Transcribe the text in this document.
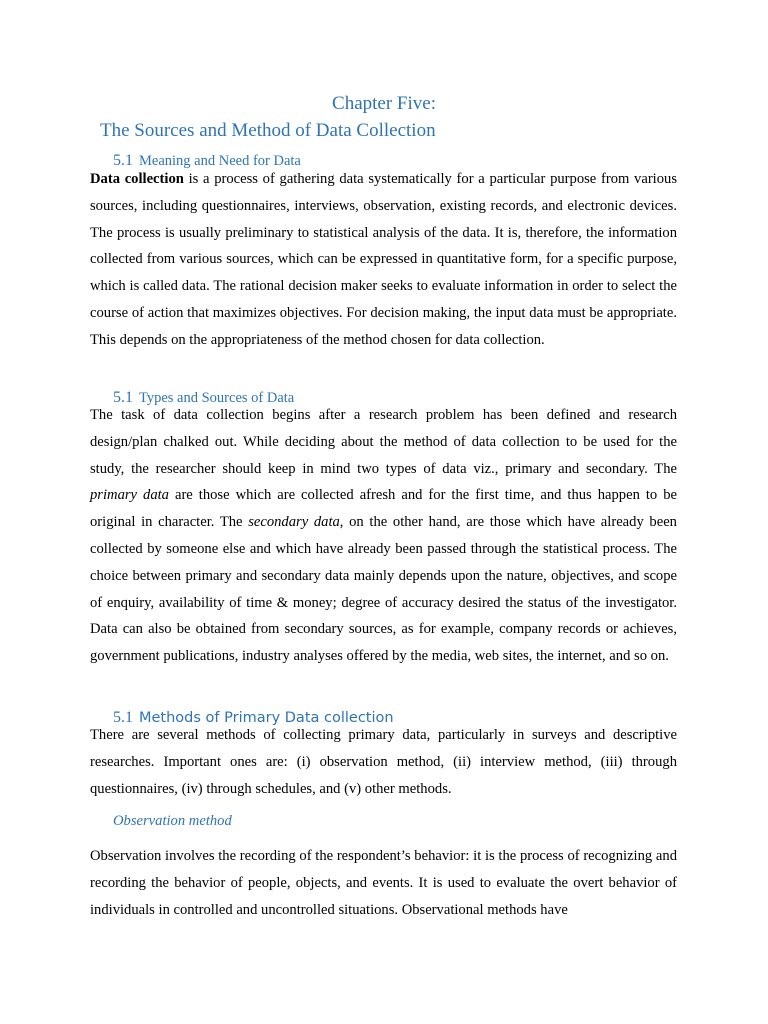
Chapter Five:
The Sources and Method of Data Collection
5.1 Meaning and Need for Data

Data collection is a process of gathering data systematically for a particular purpose from various sources, including questionnaires, interviews, observation, existing records, and electronic devices. The process is usually preliminary to statistical analysis of the data. It is, therefore, the information collected from various sources, which can be expressed in quantitative form, for a specific purpose, which is called data. The rational decision maker seeks to evaluate information in order to select the course of action that maximizes objectives. For decision making, the input data must be appropriate. This depends on the appropriateness of the method chosen for data collection.

5.1 Types and Sources of Data

The task of data collection begins after a research problem has been defined and research design/plan chalked out. While deciding about the method of data collection to be used for the study, the researcher should keep in mind two types of data viz., primary and secondary. The primary data are those which are collected afresh and for the first time, and thus happen to be original in character. The secondary data, on the other hand, are those which have already been collected by someone else and which have already been passed through the statistical process. The choice between primary and secondary data mainly depends upon the nature, objectives, and scope of enquiry, availability of time & money; degree of accuracy desired the status of the investigator. Data can also be obtained from secondary sources, as for example, company records or achieves, government publications, industry analyses offered by the media, web sites, the internet, and so on.

5.1 Methods of Primary Data collection

There are several methods of collecting primary data, particularly in surveys and descriptive researches. Important ones are: (i) observation method, (ii) interview method, (iii) through questionnaires, (iv) through schedules, and (v) other methods.

Observation method

Observation involves the recording of the respondent’s behavior: it is the process of recognizing and recording the behavior of people, objects, and events. It is used to evaluate the overt behavior of individuals in controlled and uncontrolled situations. Observational methods have
